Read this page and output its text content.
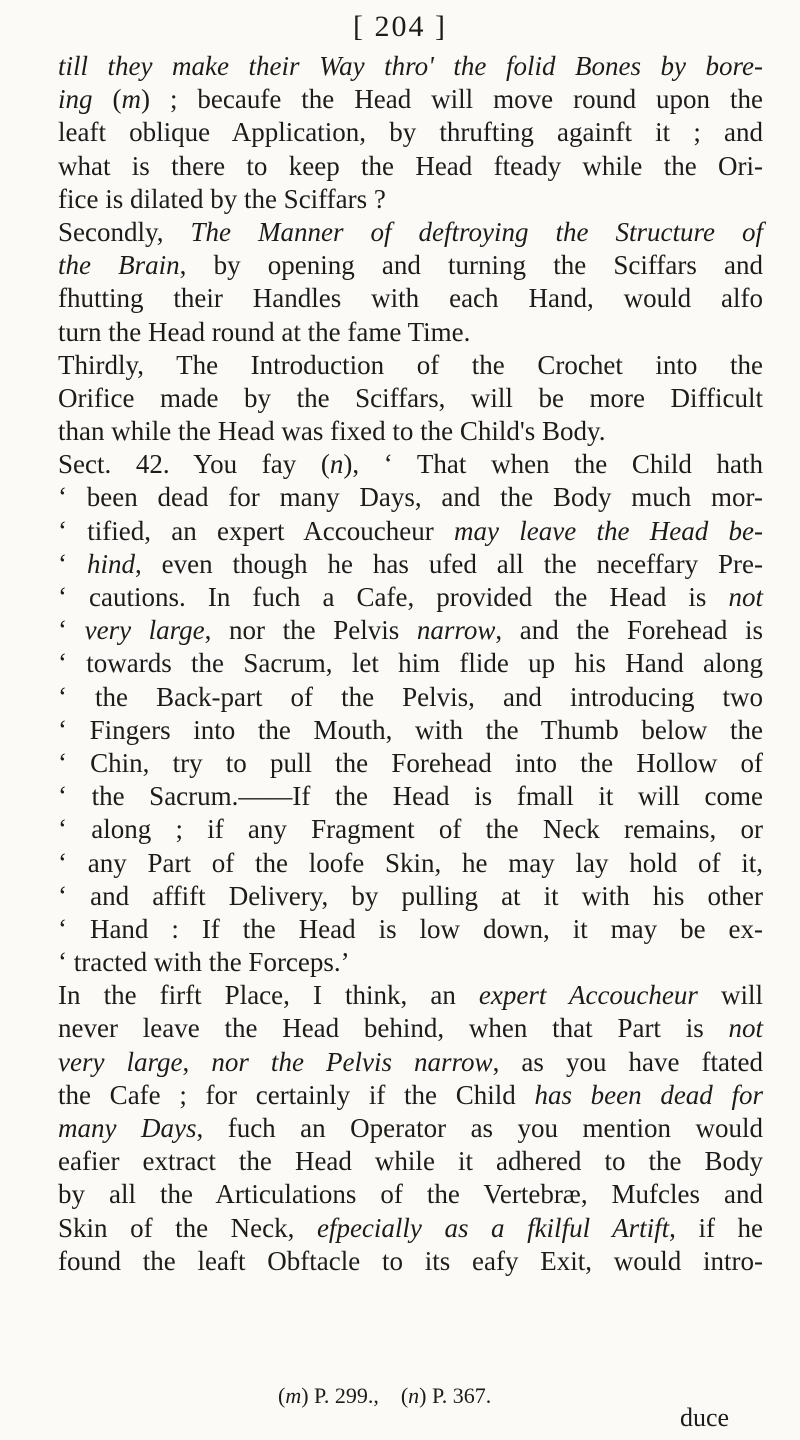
[ 204 ]
till they make their Way thro' the folid Bones by bore-
ing (m) ; becaufe the Head will move round upon the
leaft oblique Application, by thrufting againft it ; and
what is there to keep the Head fteady while the Ori-
fice is dilated by the Sciffars ?
Secondly, The Manner of deftroying the Structure of
the Brain, by opening and turning the Sciffars and
fhutting their Handles with each Hand, would alfo
turn the Head round at the fame Time.
Thirdly, The Introduction of the Crochet into the
Orifice made by the Sciffars, will be more Difficult
than while the Head was fixed to the Child's Body.
Sect. 42. You fay (n), ‘ That when the Child hath
‘ been dead for many Days, and the Body much mor-
‘ tified, an expert Accoucheur may leave the Head be-
‘ hind, even though he has ufed all the neceffary Pre-
‘ cautions. In fuch a Cafe, provided the Head is not
‘ very large, nor the Pelvis narrow, and the Forehead is
‘ towards the Sacrum, let him flide up his Hand along
‘ the Back-part of the Pelvis, and introducing two
‘ Fingers into the Mouth, with the Thumb below the
‘ Chin, try to pull the Forehead into the Hollow of
‘ the Sacrum.——If the Head is fmall it will come
‘ along ; if any Fragment of the Neck remains, or
‘ any Part of the loofe Skin, he may lay hold of it,
‘ and affift Delivery, by pulling at it with his other
‘ Hand : If the Head is low down, it may be ex-
‘ tracted with the Forceps.’
In the firft Place, I think, an expert Accoucheur will
never leave the Head behind, when that Part is not
very large, nor the Pelvis narrow, as you have ftated
the Cafe ; for certainly if the Child has been dead for
many Days, fuch an Operator as you mention would
eafier extract the Head while it adhered to the Body
by all the Articulations of the Vertebræ, Mufcles and
Skin of the Neck, efpecially as a fkilful Artift, if he
found the leaft Obftacle to its eafy Exit, would intro-
(m) P. 299.,    (n) P. 367.
duce
